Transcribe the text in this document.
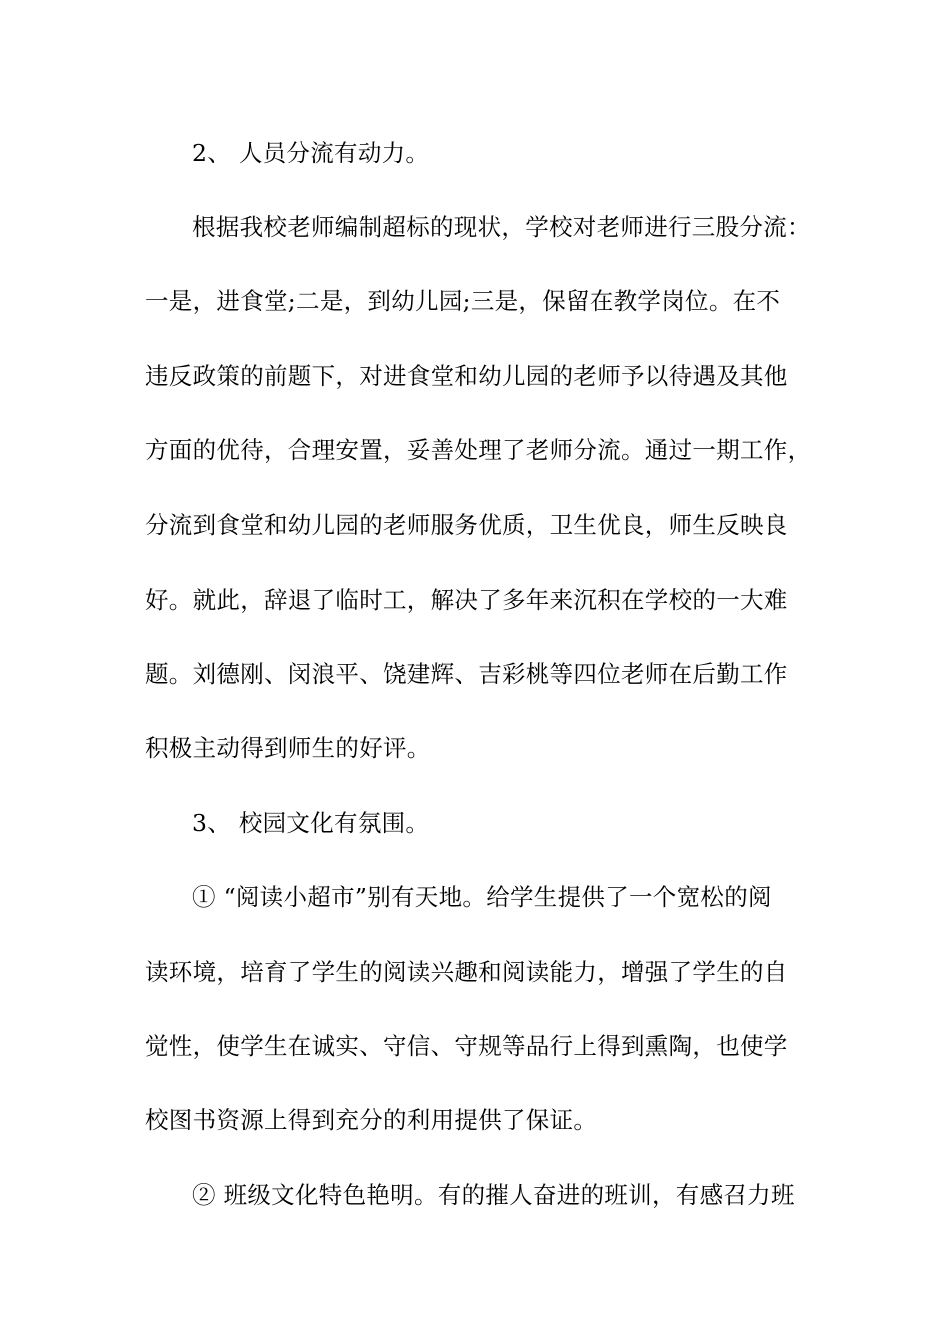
2、 人员分流有动力。
根据我校老师编制超标的现状，学校对老师进行三股分流：
一是，进食堂;二是，到幼儿园;三是，保留在教学岗位。在不
违反政策的前题下，对进食堂和幼儿园的老师予以待遇及其他
方面的优待，合理安置，妥善处理了老师分流。通过一期工作，
分流到食堂和幼儿园的老师服务优质，卫生优良，师生反映良
好。就此，辞退了临时工，解决了多年来沉积在学校的一大难
题。刘德刚、闵浪平、饶建辉、吉彩桃等四位老师在后勤工作
积极主动得到师生的好评。
3、 校园文化有氛围。
① “阅读小超市”别有天地。给学生提供了一个宽松的阅
读环境，培育了学生的阅读兴趣和阅读能力，增强了学生的自
觉性，使学生在诚实、守信、守规等品行上得到熏陶，也使学
校图书资源上得到充分的利用提供了保证。
② 班级文化特色艳明。有的摧人奋进的班训，有感召力班
